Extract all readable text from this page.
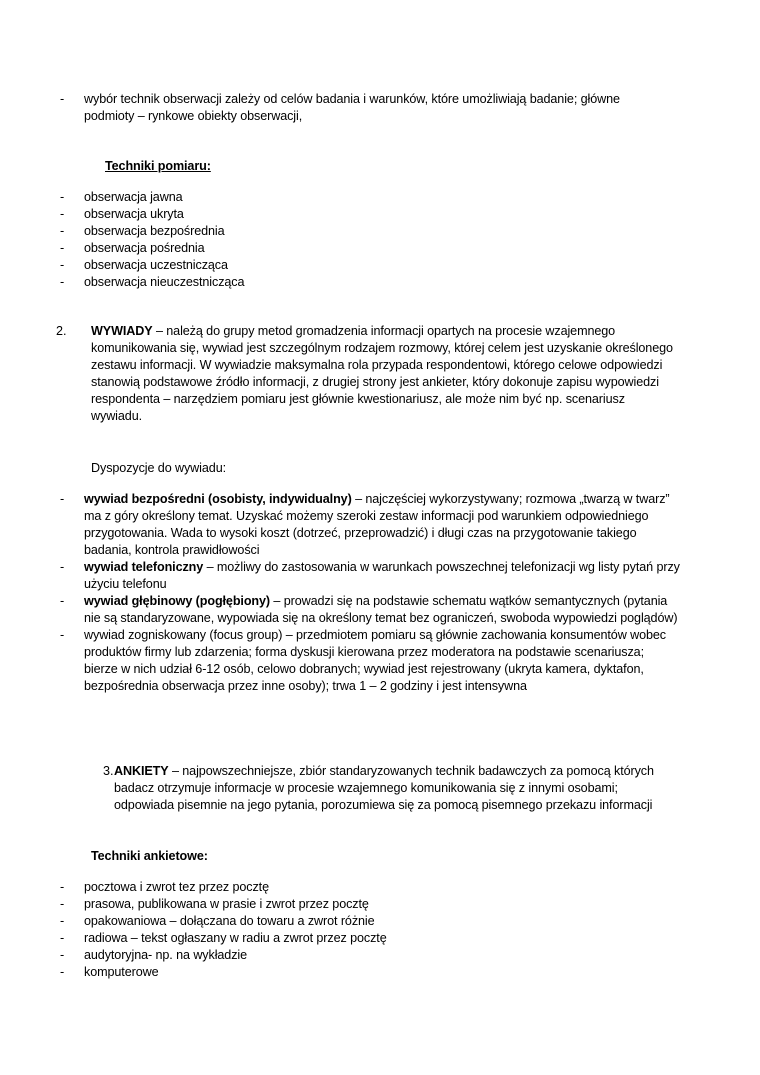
- wybór technik obserwacji zależy od celów badania i warunków, które umożliwiają badanie; główne
podmioty – rynkowe obiekty obserwacji,
Techniki pomiaru:
- obserwacja jawna
- obserwacja ukryta
- obserwacja bezpośrednia
- obserwacja pośrednia
- obserwacja uczestnicząca
- obserwacja nieuczestnicząca
2. WYWIADY – należą do grupy metod gromadzenia informacji opartych na procesie wzajemnego
komunikowania się, wywiad jest szczególnym rodzajem rozmowy, której celem jest uzyskanie określonego
zestawu informacji. W wywiadzie maksymalna rola przypada respondentowi, którego celowe odpowiedzi
stanowią podstawowe źródło informacji, z drugiej strony jest ankieter, który dokonuje zapisu wypowiedzi
respondenta – narzędziem pomiaru jest głównie kwestionariusz, ale może nim być np. scenariusz
wywiadu.
Dyspozycje do wywiadu:
- wywiad bezpośredni (osobisty, indywidualny) – najczęściej wykorzystywany; rozmowa „twarzą w twarz”
ma z góry określony temat. Uzyskać możemy szeroki zestaw informacji pod warunkiem odpowiedniego
przygotowania. Wada to wysoki koszt (dotrzeć, przeprowadzić) i długi czas na przygotowanie takiego
badania, kontrola prawidłowości
- wywiad telefoniczny – możliwy do zastosowania w warunkach powszechnej telefonizacji wg listy pytań przy
użyciu telefonu
- wywiad głębinowy (pogłębiony) – prowadzi się na podstawie schematu wątków semantycznych (pytania
nie są standaryzowane, wypowiada się na określony temat bez ograniczeń, swoboda wypowiedzi poglądów)
- wywiad zogniskowany (focus group) – przedmiotem pomiaru są głównie zachowania konsumentów wobec
produktów firmy lub zdarzenia; forma dyskusji kierowana przez moderatora na podstawie scenariusza;
bierze w nich udział 6-12 osób, celowo dobranych; wywiad jest rejestrowany (ukryta kamera, dyktafon,
bezpośrednia obserwacja przez inne osoby); trwa 1 – 2 godziny i jest intensywna
3. ANKIETY – najpowszechniejsze, zbiór standaryzowanych technik badawczych za pomocą których
badacz otrzymuje informacje w procesie wzajemnego komunikowania się z innymi osobami;
odpowiada pisemnie na jego pytania, porozumiewa się za pomocą pisemnego przekazu informacji
Techniki ankietowe:
- pocztowa i zwrot tez przez pocztę
- prasowa, publikowana w prasie i zwrot przez pocztę
- opakowaniowa – dołączana do towaru a zwrot różnie
- radiowa – tekst ogłaszany w radiu a zwrot przez pocztę
- audytoryjna- np. na wykładzie
- komputerowe
